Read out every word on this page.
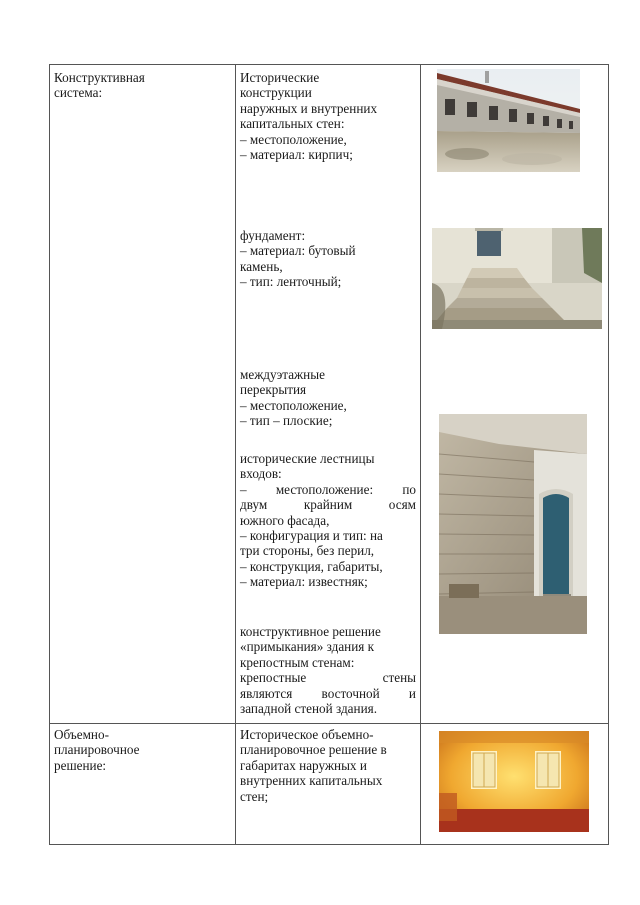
Конструктивная

система:

Исторические

конструкции

наружных и внутренних

капитальных стен:

– местоположение,

– материал: кирпич;

фундамент:

– материал: бутовый

камень,

– тип: ленточный;

междуэтажные

перекрытия

– местоположение,

– тип – плоские;

исторические лестницы

входов:

– местоположение: по

двум крайним осям

южного фасада,

– конфигурация и тип: на

три стороны, без перил,

– конструкция, габариты,

– материал: известняк;

конструктивное решение

«примыкания» здания к

крепостным стенам:

крепостные стены

являются восточной и

западной стеной здания.

Объемно-

планировочное

решение:

Историческое объемно-

планировочное решение в

габаритах наружных и

внутренних капитальных

стен;
